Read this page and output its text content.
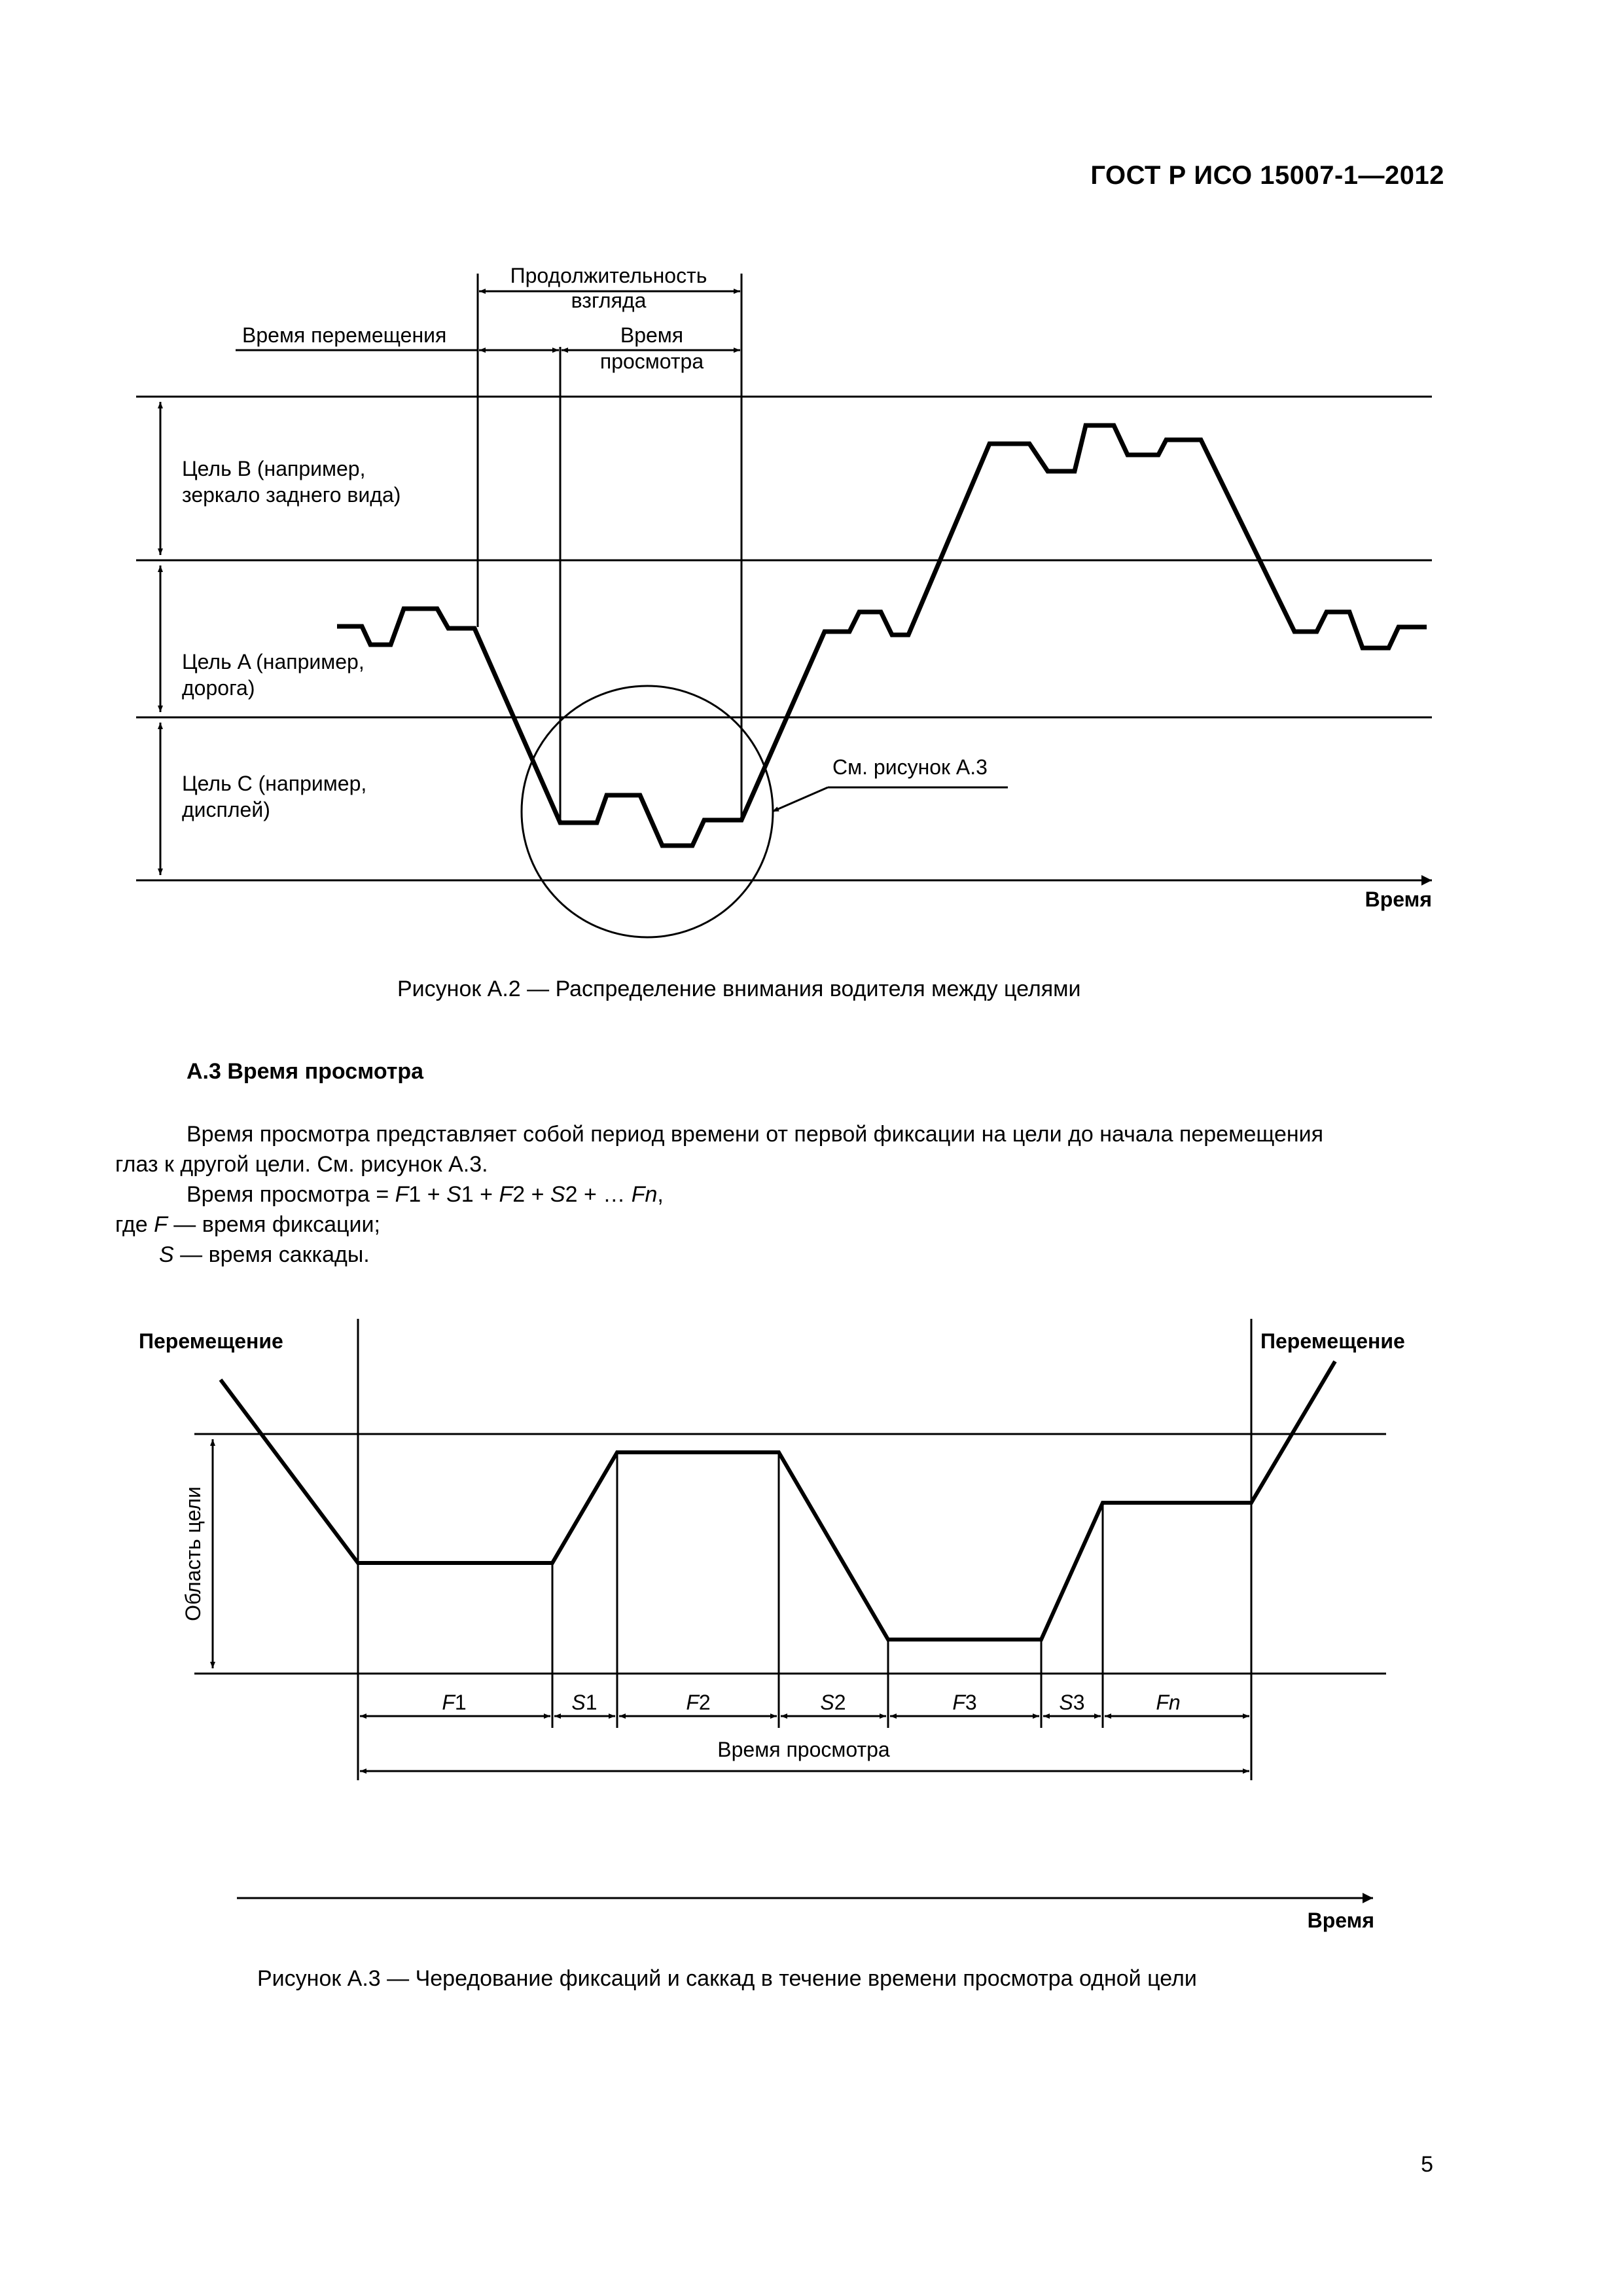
ГОСТ Р ИСО 15007-1—2012
Продолжительность
взгляда
Время перемещения	Время
просмотра
Цель B (например,
зеркало заднего вида)
Цель A (например,
дорога)
Цель C (например,
дисплей)
См. рисунок А.3
Время
Рисунок А.2 — Распределение внимания водителя между целями
А.3 Время просмотра
Время просмотра представляет собой период времени от первой фиксации на цели до начала перемещения
глаз к другой цели. См. рисунок А.3.
Время просмотра = F1 + S1 + F2 + S2 + … Fn,
где F — время фиксации;
S — время саккады.
Перемещение	Перемещение
Область цели
F1	S1	F2	S2	F3	S3	Fn
Время просмотра
Время
Рисунок А.3 — Чередование фиксаций и саккад в течение времени просмотра одной цели
5
